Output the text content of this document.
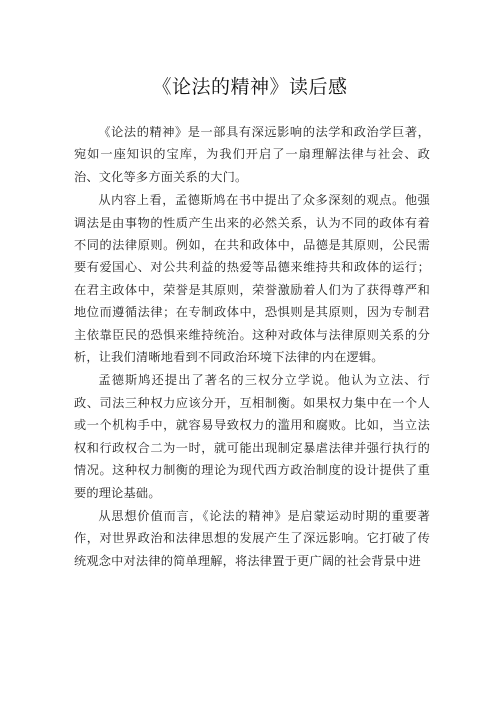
《论法的精神》读后感

《论法的精神》是一部具有深远影响的法学和政治学巨著，宛如一座知识的宝库，为我们开启了一扇理解法律与社会、政治、文化等多方面关系的大门。

从内容上看，孟德斯鸠在书中提出了众多深刻的观点。他强调法是由事物的性质产生出来的必然关系，认为不同的政体有着不同的法律原则。例如，在共和政体中，品德是其原则，公民需要有爱国心、对公共利益的热爱等品德来维持共和政体的运行；在君主政体中，荣誉是其原则，荣誉激励着人们为了获得尊严和地位而遵循法律；在专制政体中，恐惧则是其原则，因为专制君主依靠臣民的恐惧来维持统治。这种对政体与法律原则关系的分析，让我们清晰地看到不同政治环境下法律的内在逻辑。

孟德斯鸠还提出了著名的三权分立学说。他认为立法、行政、司法三种权力应该分开，互相制衡。如果权力集中在一个人或一个机构手中，就容易导致权力的滥用和腐败。比如，当立法权和行政权合二为一时，就可能出现制定暴虐法律并强行执行的情况。这种权力制衡的理论为现代西方政治制度的设计提供了重要的理论基础。

从思想价值而言，《论法的精神》是启蒙运动时期的重要著作，对世界政治和法律思想的发展产生了深远影响。它打破了传统观念中对法律的简单理解，将法律置于更广阔的社会背景中进
